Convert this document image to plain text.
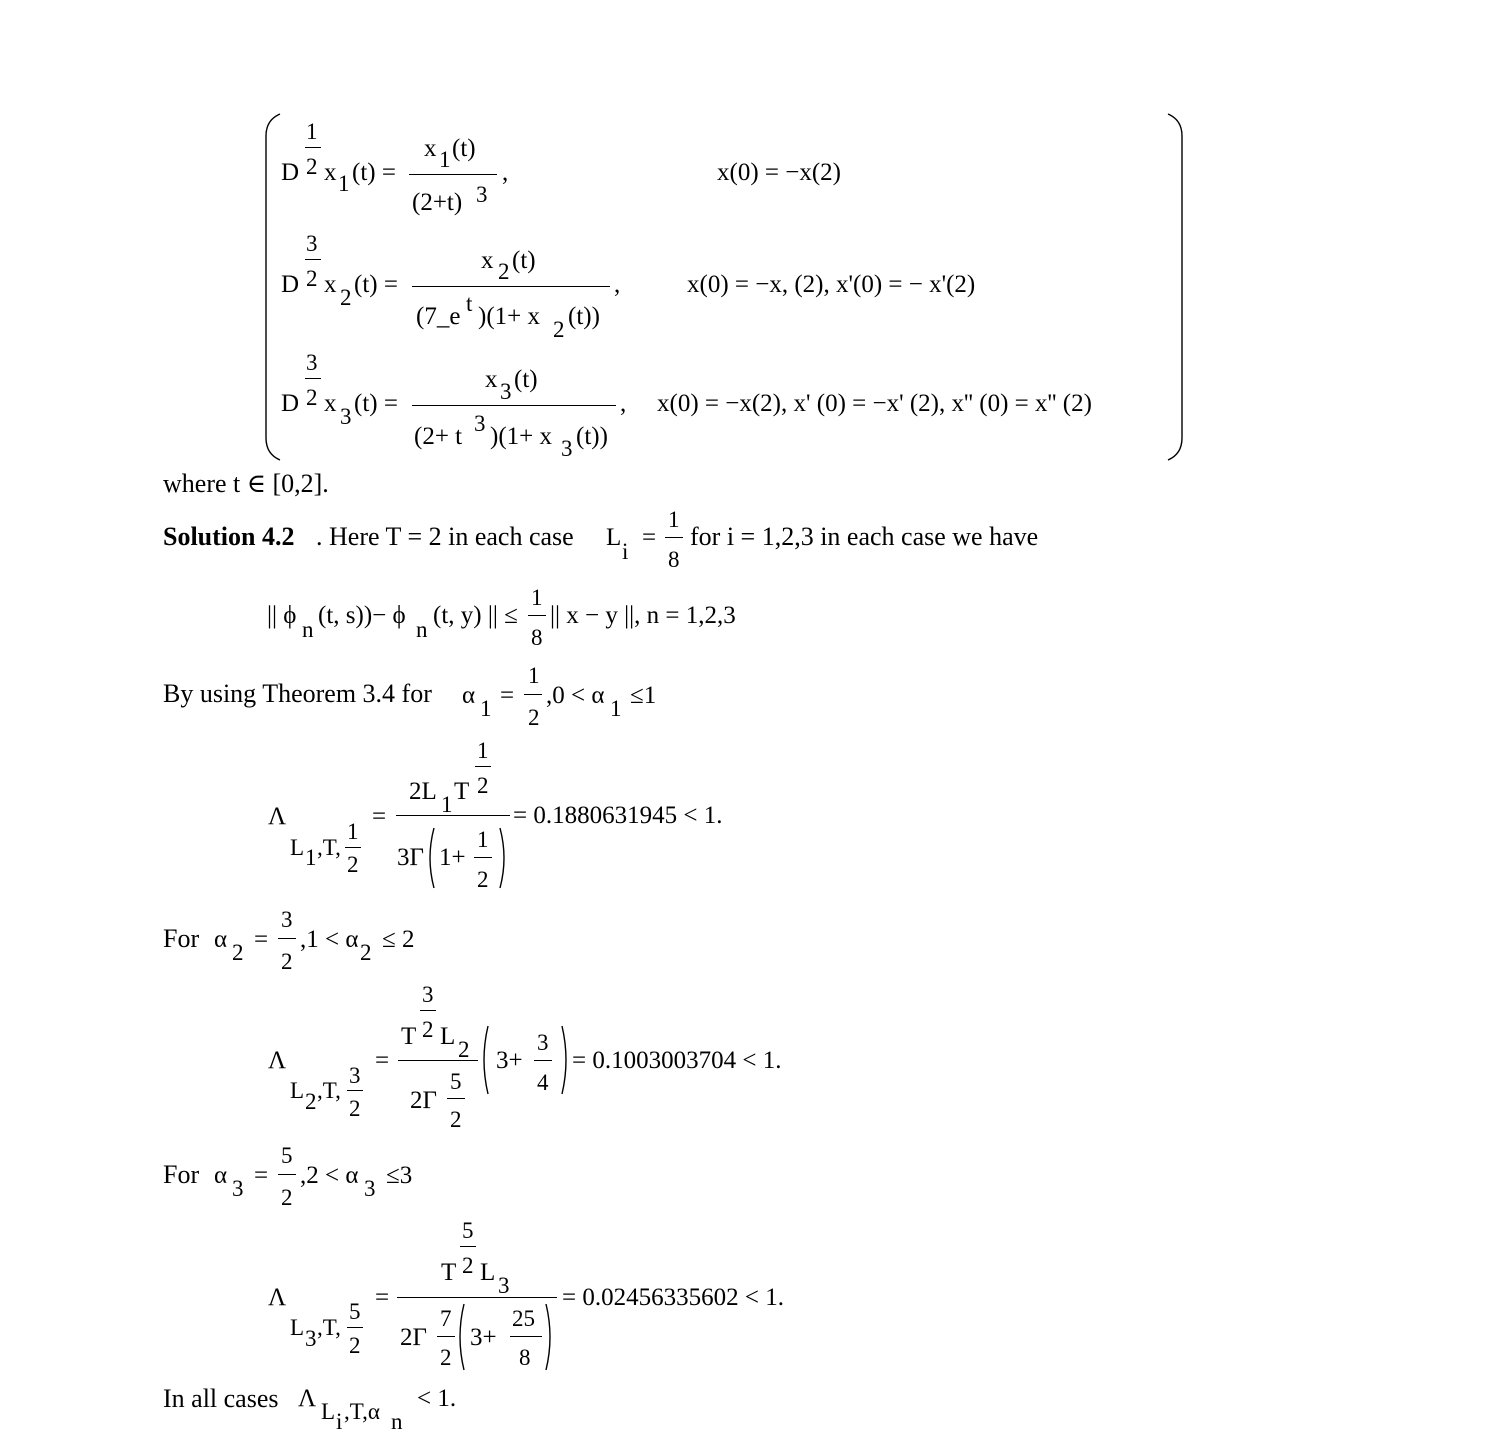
D
1
2 x 1 (t) =
x 1 (t)
(2+t) 3
,	x(0) = −x(2)
D
3
2 x 2 (t) =
x 2 (t)
(7_e t )(1+ x 2 (t))
,	x(0) = −x, (2), x'(0) = − x'(2)
D
3
2 x 3 (t) =
x 3 (t)
(2+ t 3 )(1+ x 3 (t))
, x(0) = −x(2), x' (0) = −x' (2), x'' (0) = x'' (2)
where t ∈ [0,2].
Solution 4.2 . Here T = 2 in each case L
i
=
1
8
for i = 1,2,3 in each case we have
|| ϕ
n
(t, s))− ϕ
n
(t, y) || ≤
1
8
|| x − y ||, n = 1,2,3
By using Theorem 3.4 for α 1 =
1
2
,0 < α 1 ≤1
Λ
L 1 ,T,
1
2
=
1
2
2L 1 T
3Γ 1+
1
2
= 0.1880631945 < 1.
For α 2 =
3
2
,1 < α 2 ≤ 2
Λ
L 2 ,T,
3
2
=
3
2
T L 2
2Γ
5
2
3+
3
4
= 0.1003003704 < 1.
For α 3 =
5
2
,2 < α 3 ≤3
Λ
L 3 ,T,
5
2
=
5
2
T L 3
2Γ
7
2
3+
25
8
= 0.02456335602 < 1.
In all cases Λ L i ,T,α n
< 1.
